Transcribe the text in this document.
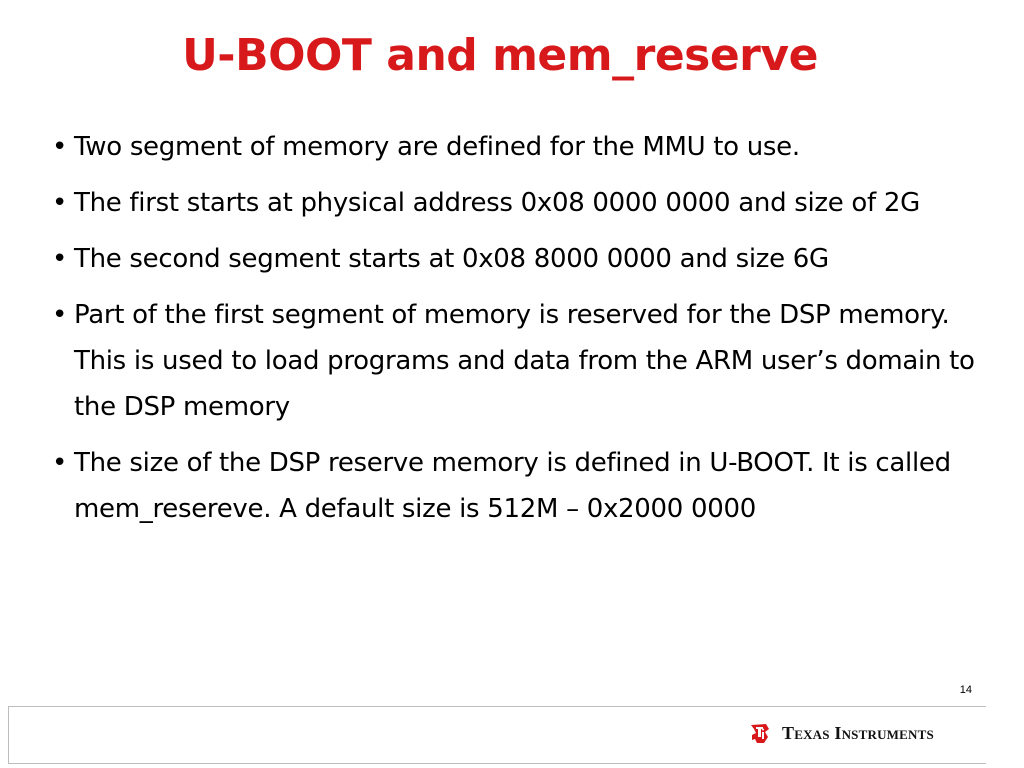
U-BOOT and mem_reserve
• Two segment of memory are defined for the MMU to use.
• The first starts at physical address 0x08 0000 0000 and size of 2G
• The second segment starts at 0x08 8000 0000 and size 6G
• Part of the first segment of memory is reserved for the DSP memory. This is used to load programs and data from the ARM user’s domain to the DSP memory
• The size of the DSP reserve memory is defined in U-BOOT. It is called mem_resereve. A default size is 512M – 0x2000 0000
14
Texas Instruments
